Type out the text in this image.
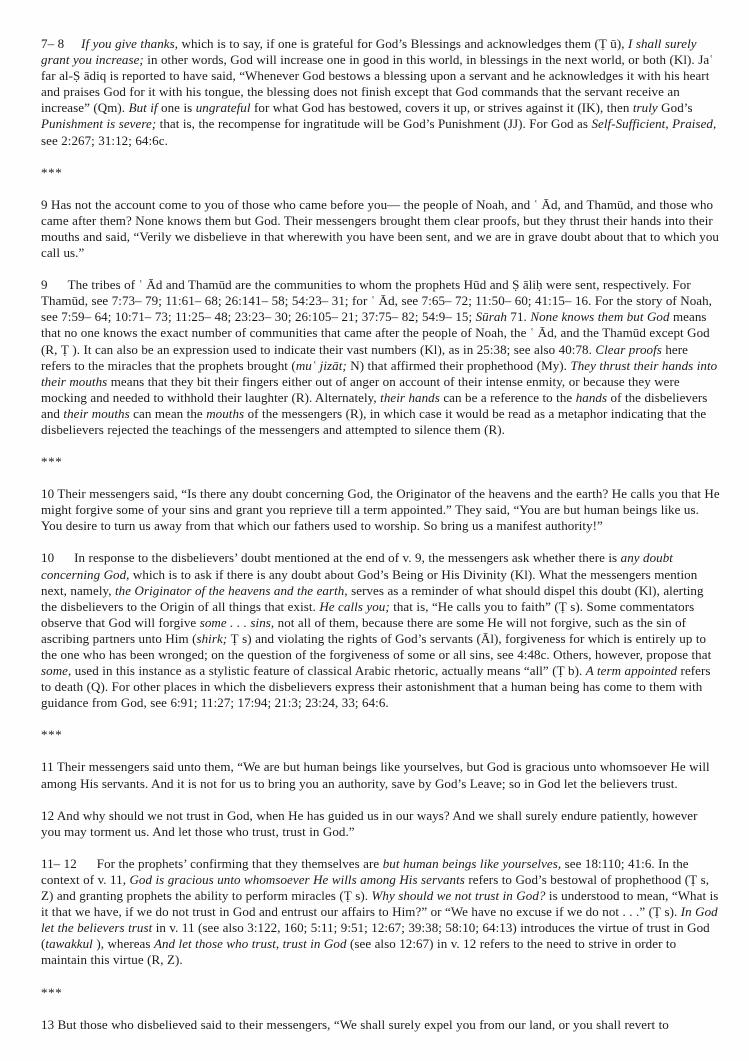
7– 8 If you give thanks, which is to say, if one is grateful for God’s Blessings and acknowledges them (Ṭ ū), I shall surely grant you increase; in other words, God will increase one in good in this world, in blessings in the next world, or both (Kl). Jaʿ far al-Ṣ ādiq is reported to have said, “Whenever God bestows a blessing upon a servant and he acknowledges it with his heart and praises God for it with his tongue, the blessing does not finish except that God commands that the servant receive an increase” (Qm). But if one is ungrateful for what God has bestowed, covers it up, or strives against it (IK), then truly God’s Punishment is severe; that is, the recompense for ingratitude will be God’s Punishment (JJ). For God as Self-Sufficient, Praised, see 2:267; 31:12; 64:6c.

***

9 Has not the account come to you of those who came before you— the people of Noah, and ʿ Ād, and Thamūd, and those who came after them? None knows them but God. Their messengers brought them clear proofs, but they thrust their hands into their mouths and said, “Verily we disbelieve in that wherewith you have been sent, and we are in grave doubt about that to which you call us.”

9 The tribes of ʿ Ād and Thamūd are the communities to whom the prophets Hūd and Ṣ āliḥ were sent, respectively. For Thamūd, see 7:73– 79; 11:61– 68; 26:141– 58; 54:23– 31; for ʿ Ād, see 7:65– 72; 11:50– 60; 41:15– 16. For the story of Noah, see 7:59– 64; 10:71– 73; 11:25– 48; 23:23– 30; 26:105– 21; 37:75– 82; 54:9– 15; Sūrah 71. None knows them but God means that no one knows the exact number of communities that came after the people of Noah, the ʿ Ād, and the Thamūd except God (R, Ṭ ). It can also be an expression used to indicate their vast numbers (Kl), as in 25:38; see also 40:78. Clear proofs here refers to the miracles that the prophets brought (muʿ jizāt; N) that affirmed their prophethood (My). They thrust their hands into their mouths means that they bit their fingers either out of anger on account of their intense enmity, or because they were mocking and needed to withhold their laughter (R). Alternately, their hands can be a reference to the hands of the disbelievers and their mouths can mean the mouths of the messengers (R), in which case it would be read as a metaphor indicating that the disbelievers rejected the teachings of the messengers and attempted to silence them (R).

***

10 Their messengers said, “Is there any doubt concerning God, the Originator of the heavens and the earth? He calls you that He might forgive some of your sins and grant you reprieve till a term appointed.” They said, “You are but human beings like us. You desire to turn us away from that which our fathers used to worship. So bring us a manifest authority!”

10 In response to the disbelievers’ doubt mentioned at the end of v. 9, the messengers ask whether there is any doubt concerning God, which is to ask if there is any doubt about God’s Being or His Divinity (Kl). What the messengers mention next, namely, the Originator of the heavens and the earth, serves as a reminder of what should dispel this doubt (Kl), alerting the disbelievers to the Origin of all things that exist. He calls you; that is, “He calls you to faith” (Ṭ s). Some commentators observe that God will forgive some . . . sins, not all of them, because there are some He will not forgive, such as the sin of ascribing partners unto Him (shirk; Ṭ s) and violating the rights of God’s servants (Āl), forgiveness for which is entirely up to the one who has been wronged; on the question of the forgiveness of some or all sins, see 4:48c. Others, however, propose that some, used in this instance as a stylistic feature of classical Arabic rhetoric, actually means “all” (Ṭ b). A term appointed refers to death (Q). For other places in which the disbelievers express their astonishment that a human being has come to them with guidance from God, see 6:91; 11:27; 17:94; 21:3; 23:24, 33; 64:6.

***

11 Their messengers said unto them, “We are but human beings like yourselves, but God is gracious unto whomsoever He will among His servants. And it is not for us to bring you an authority, save by God’s Leave; so in God let the believers trust.

12 And why should we not trust in God, when He has guided us in our ways? And we shall surely endure patiently, however you may torment us. And let those who trust, trust in God.”

11– 12 For the prophets’ confirming that they themselves are but human beings like yourselves, see 18:110; 41:6. In the context of v. 11, God is gracious unto whomsoever He wills among His servants refers to God’s bestowal of prophethood (Ṭ s, Z) and granting prophets the ability to perform miracles (Ṭ s). Why should we not trust in God? is understood to mean, “What is it that we have, if we do not trust in God and entrust our affairs to Him?” or “We have no excuse if we do not . . .” (Ṭ s). In God let the believers trust in v. 11 (see also 3:122, 160; 5:11; 9:51; 12:67; 39:38; 58:10; 64:13) introduces the virtue of trust in God (tawakkul ), whereas And let those who trust, trust in God (see also 12:67) in v. 12 refers to the need to strive in order to maintain this virtue (R, Z).

***

13 But those who disbelieved said to their messengers, “We shall surely expel you from our land, or you shall revert to
